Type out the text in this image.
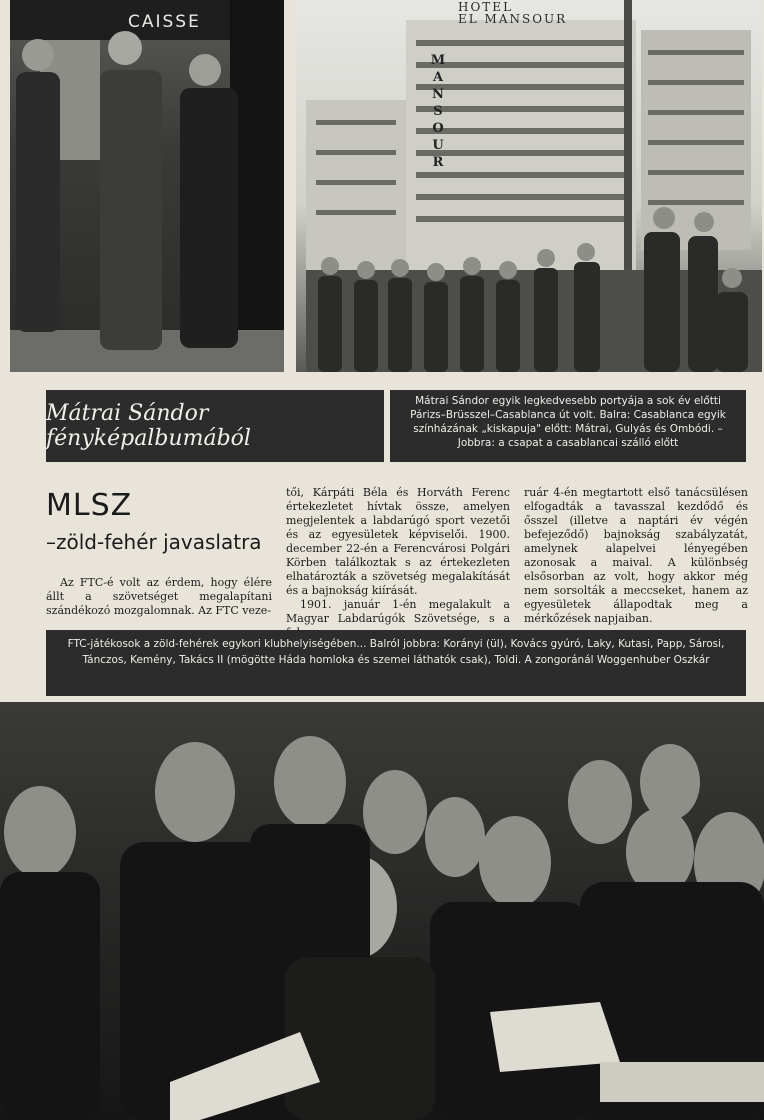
CAISSE
HOTEL
EL MANSOUR
MANSOUR
Mátrai Sándor fényképalbumából
Mátrai Sándor egyik legkedvesebb portyája a sok év előtti Párizs–Brüsszel–Casablanca út volt. Balra: Casablanca egyik színházának „kiskapuja" előtt: Mátrai, Gulyás és Ombódi. – Jobbra: a csapat a casablancai szálló előtt
MLSZ
–zöld-fehér javaslatra
Az FTC-é volt az érdem, hogy élére állt a szövetséget megalapítani szándékozó mozgalomnak. Az FTC veze-

tői, Kárpáti Béla és Horváth Ferenc értekezletet hívtak össze, amelyen megjelentek a labdarúgó sport vezetői és az egyesületek képviselői. 1900. december 22-én a Ferencvárosi Polgári Körben találkoztak s az értekezleten elhatározták a szövetség megalakítását és a bajnokság kiírását.

1901. január 1-én megalakult a Magyar Labdarúgók Szövetsége, s a

ruár 4-én megtartott első tanácsülésen elfogadták a tavasszal kezdődő és ősszel (illetve a naptári év végén befejeződő) bajnokság szabályzatát, amelynek alapelvei lényegében azonosak a maival. A különbség elsősorban az volt, hogy akkor még nem sorsolták a meccseket, hanem az egyesületek állapodtak meg a mérkőzések napjaiban.
FTC-játékosok a zöld-fehérek egykori klubhelyiségében... Balról jobbra: Korányi (ül), Kovács gyúró, Laky, Kutasi, Papp, Sárosi, Tánczos, Kemény, Takács II (mögötte Háda homloka és szemei láthatók csak), Toldi. A zongoránál Woggenhuber Oszkár
